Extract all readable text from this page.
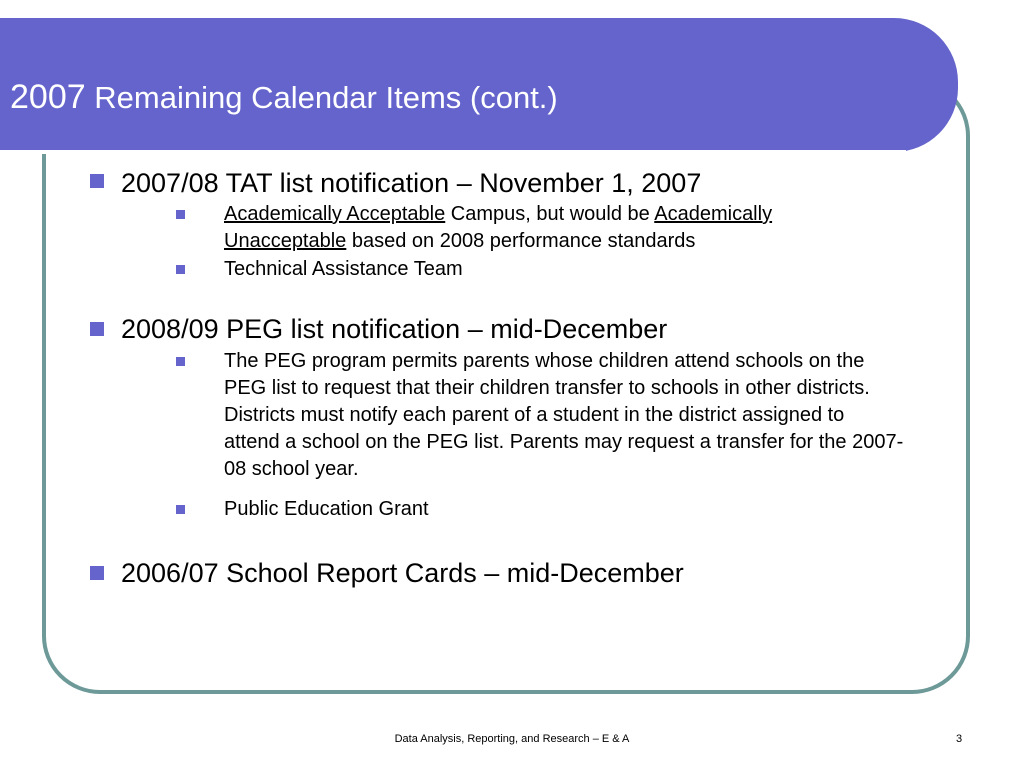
2007 Remaining Calendar Items (cont.)
2007/08 TAT list notification – November 1, 2007
Academically Acceptable Campus, but would be Academically Unacceptable based on 2008 performance standards
Technical Assistance Team
2008/09 PEG list notification – mid-December
The PEG program permits parents whose children attend schools on the PEG list to request that their children transfer to schools in other districts. Districts must notify each parent of a student in the district assigned to attend a school on the PEG list. Parents may request a transfer for the 2007-08 school year.
Public Education Grant
2006/07 School Report Cards – mid-December
Data Analysis, Reporting, and Research – E & A	3
